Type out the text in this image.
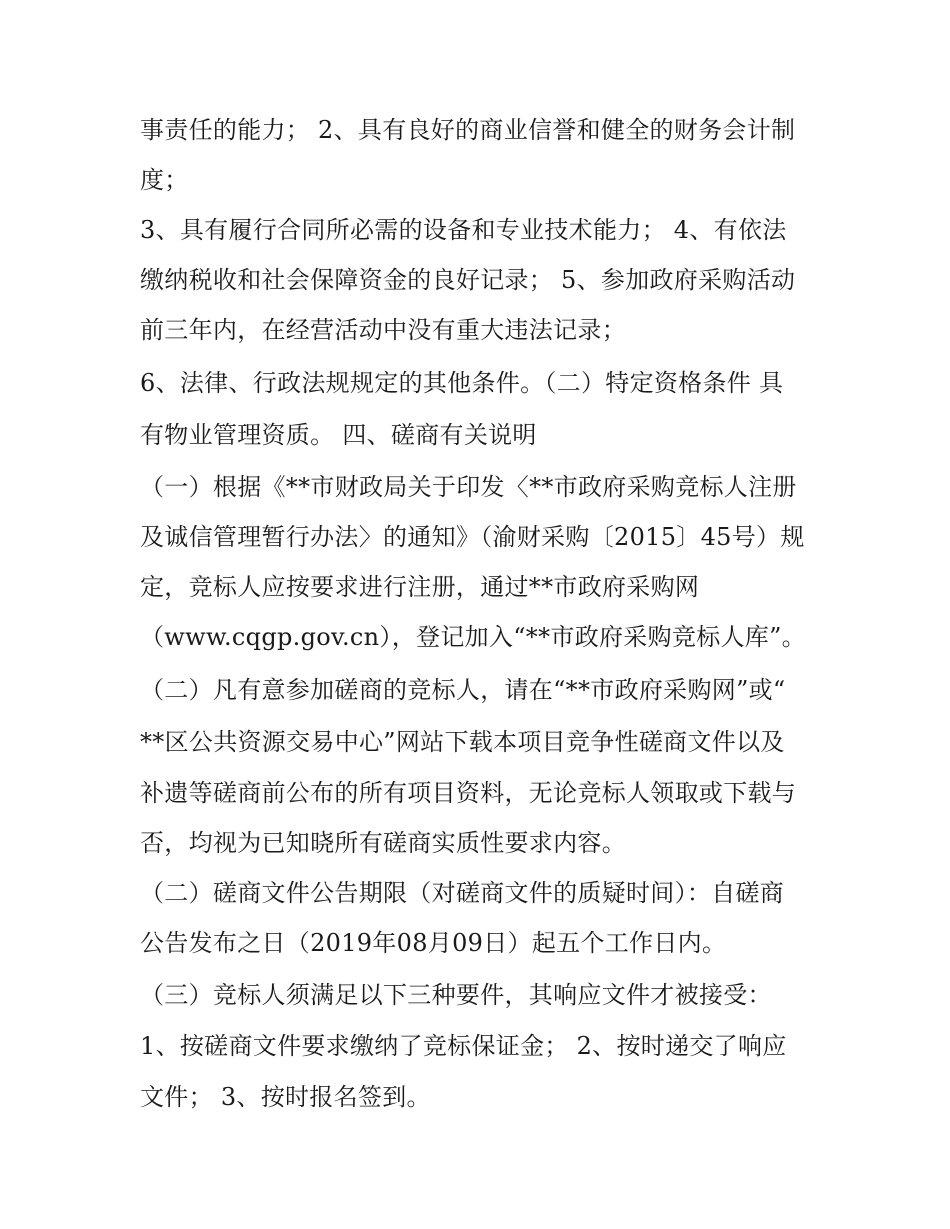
事责任的能力； 2、具有良好的商业信誉和健全的财务会计制
度；
3、具有履行合同所必需的设备和专业技术能力； 4、有依法
缴纳税收和社会保障资金的良好记录； 5、参加政府采购活动
前三年内，在经营活动中没有重大违法记录；
6、法律、行政法规规定的其他条件。（二）特定资格条件 具
有物业管理资质。 四、磋商有关说明
（一）根据《**市财政局关于印发〈**市政府采购竞标人注册
及诚信管理暂行办法〉的通知》（渝财采购〔2015〕45号）规
定，竞标人应按要求进行注册，通过**市政府采购网
（www.cqgp.gov.cn），登记加入“**市政府采购竞标人库”。
（二）凡有意参加磋商的竞标人，请在“**市政府采购网”或“
**区公共资源交易中心”网站下载本项目竞争性磋商文件以及
补遗等磋商前公布的所有项目资料，无论竞标人领取或下载与
否，均视为已知晓所有磋商实质性要求内容。
（二）磋商文件公告期限（对磋商文件的质疑时间）：自磋商
公告发布之日（2019年08月09日）起五个工作日内。
（三）竞标人须满足以下三种要件，其响应文件才被接受：
1、按磋商文件要求缴纳了竞标保证金； 2、按时递交了响应
文件； 3、按时报名签到。
